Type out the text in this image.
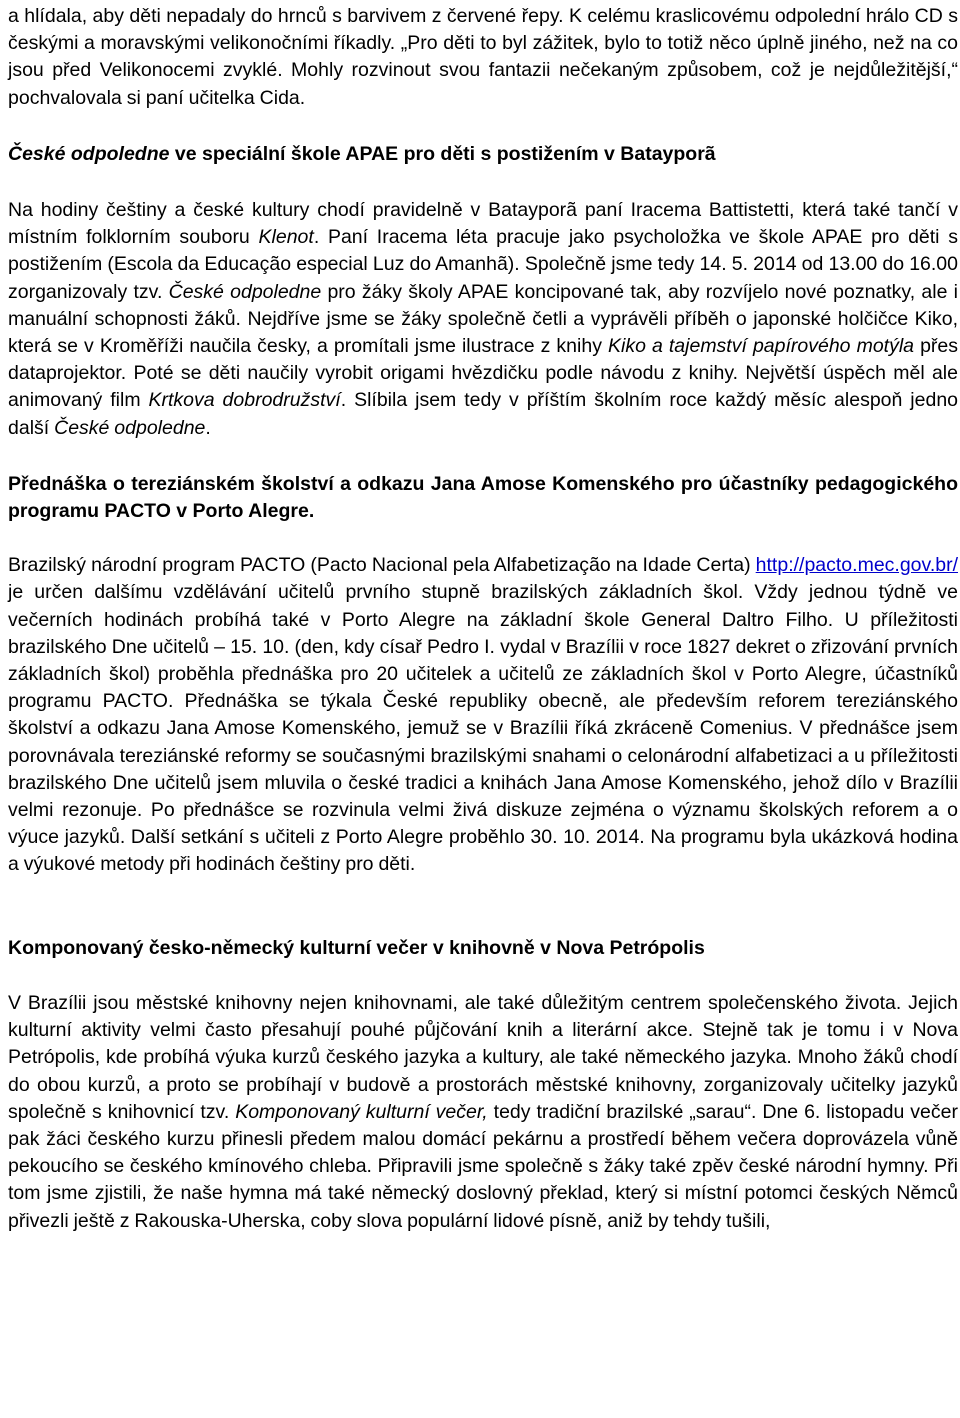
a hlídala, aby děti nepadaly do hrnců s barvivem z červené řepy. K celému kraslicovému odpolední hrálo CD s českými a moravskými velikonočními říkadly. „Pro děti to byl zážitek, bylo to totiž něco úplně jiného, než na co jsou před Velikonocemi zvyklé. Mohly rozvinout svou fantazii nečekaným způsobem, což je nejdůležitější,“ pochvalovala si paní učitelka Cida.

České odpoledne ve speciální škole APAE pro děti s postižením v Batayporã

Na hodiny češtiny a české kultury chodí pravidelně v Batayporã paní Iracema Battistetti, která také tančí v místním folklorním souboru Klenot. Paní Iracema léta pracuje jako psycholožka ve škole APAE pro děti s postižením (Escola da Educação especial Luz do Amanhã). Společně jsme tedy 14. 5. 2014 od 13.00 do 16.00 zorganizovaly tzv. České odpoledne pro žáky školy APAE koncipované tak, aby rozvíjelo nové poznatky, ale i manuální schopnosti žáků. Nejdříve jsme se žáky společně četli a vyprávěli příběh o japonské holčičce Kiko, která se v Kroměříži naučila česky, a promítali jsme ilustrace z knihy Kiko a tajemství papírového motýla přes dataprojektor. Poté se děti naučily vyrobit origami hvězdičku podle návodu z knihy. Největší úspěch měl ale animovaný film Krtkova dobrodružství. Slíbila jsem tedy v příštím školním roce každý měsíc alespoň jedno další České odpoledne.

Přednáška o tereziánském školství a odkazu Jana Amose Komenského pro účastníky pedagogického programu PACTO v Porto Alegre.

Brazilský národní program PACTO (Pacto Nacional pela Alfabetização na Idade Certa) http://pacto.mec.gov.br/ je určen dalšímu vzdělávání učitelů prvního stupně brazilských základních škol. Vždy jednou týdně ve večerních hodinách probíhá také v Porto Alegre na základní škole General Daltro Filho. U příležitosti brazilského Dne učitelů – 15. 10. (den, kdy císař Pedro I. vydal v Brazílii v roce 1827 dekret o zřizování prvních základních škol) proběhla přednáška pro 20 učitelek a učitelů ze základních škol v Porto Alegre, účastníků programu PACTO. Přednáška se týkala České republiky obecně, ale především reforem tereziánského školství a odkazu Jana Amose Komenského, jemuž se v Brazílii říká zkráceně Comenius. V přednášce jsem porovnávala tereziánské reformy se současnými brazilskými snahami o celonárodní alfabetizaci a u příležitosti brazilského Dne učitelů jsem mluvila o české tradici a knihách Jana Amose Komenského, jehož dílo v Brazílii velmi rezonuje. Po přednášce se rozvinula velmi živá diskuze zejména o významu školských reforem a o výuce jazyků. Další setkání s učiteli z Porto Alegre proběhlo 30. 10. 2014. Na programu byla ukázková hodina a výukové metody při hodinách češtiny pro děti.

Komponovaný česko-německý kulturní večer v knihovně v Nova Petrópolis

V Brazílii jsou městské knihovny nejen knihovnami, ale také důležitým centrem společenského života. Jejich kulturní aktivity velmi často přesahují pouhé půjčování knih a literární akce. Stejně tak je tomu i v Nova Petrópolis, kde probíhá výuka kurzů českého jazyka a kultury, ale také německého jazyka. Mnoho žáků chodí do obou kurzů, a proto se probíhají v budově a prostorách městské knihovny, zorganizovaly učitelky jazyků společně s knihovnicí tzv. Komponovaný kulturní večer, tedy tradiční brazilské „sarau“. Dne 6. listopadu večer pak žáci českého kurzu přinesli předem malou domácí pekárnu a prostředí během večera doprovázela vůně pekoucího se českého kmínového chleba. Připravili jsme společně s žáky také zpěv české národní hymny. Při tom jsme zjistili, že naše hymna má také německý doslovný překlad, který si místní potomci českých Němců přivezli ještě z Rakouska-Uherska, coby slova populární lidové písně, aniž by tehdy tušili,
